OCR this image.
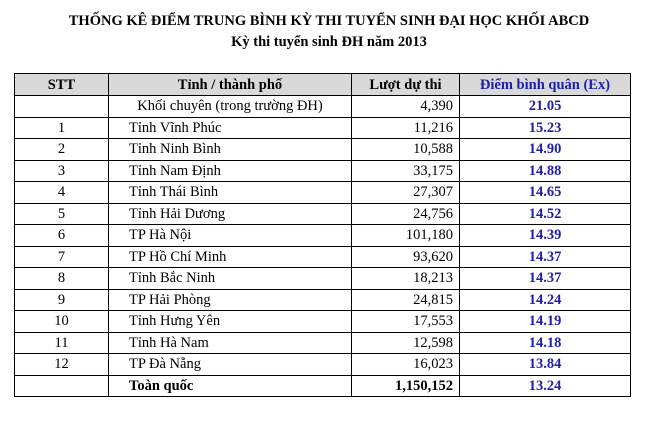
THỐNG KÊ ĐIỂM TRUNG BÌNH KỲ THI TUYỂN SINH ĐẠI HỌC KHỐI ABCD
Kỳ thi tuyển sinh ĐH năm 2013
STT	Tỉnh / thành phố	Lượt dự thi	Điểm bình quân (Ex)
	Khối chuyên (trong trường ĐH)	4,390	21.05
1	Tỉnh Vĩnh Phúc	11,216	15.23
2	Tỉnh Ninh Bình	10,588	14.90
3	Tỉnh Nam Định	33,175	14.88
4	Tỉnh Thái Bình	27,307	14.65
5	Tỉnh Hải Dương	24,756	14.52
6	TP Hà Nội	101,180	14.39
7	TP Hồ Chí Minh	93,620	14.37
8	Tỉnh Bắc Ninh	18,213	14.37
9	TP Hải Phòng	24,815	14.24
10	Tỉnh Hưng Yên	17,553	14.19
11	Tỉnh Hà Nam	12,598	14.18
12	TP Đà Nẵng	16,023	13.84
	Toàn quốc	1,150,152	13.24
